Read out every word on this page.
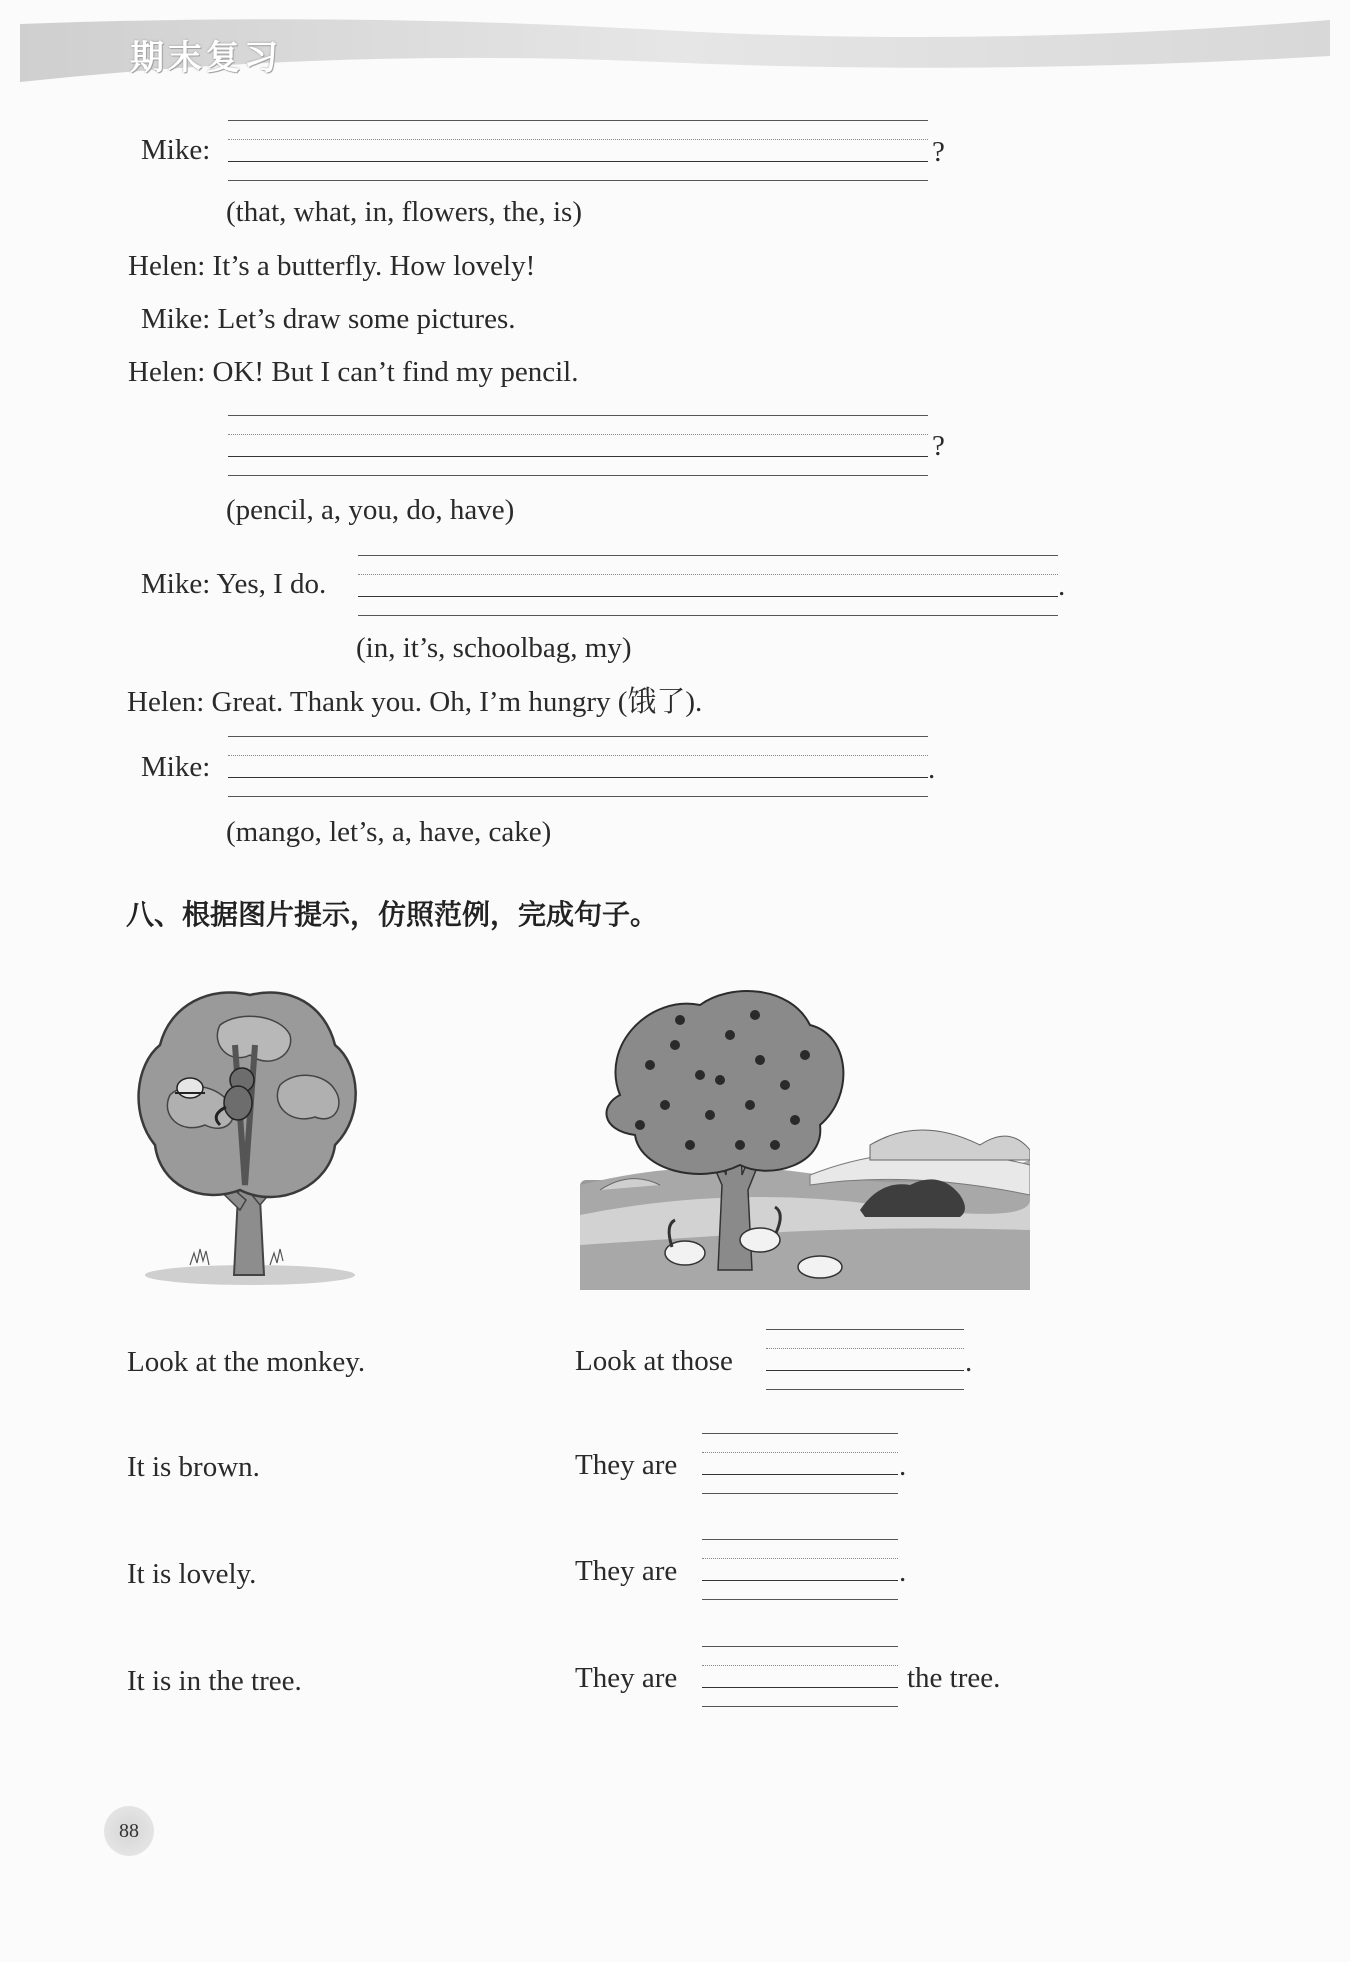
期末复习
Mike:	?
(that, what, in, flowers, the, is)
Helen: It’s a butterfly. How lovely!
Mike: Let’s draw some pictures.
Helen: OK! But I can’t find my pencil.
?
(pencil, a, you, do, have)
Mike: Yes, I do.	.
(in, it’s, schoolbag, my)
Helen: Great. Thank you. Oh, I’m hungry (饿了).
Mike:	.
(mango, let’s, a, have, cake)
八、根据图片提示，仿照范例，完成句子。
Look at the monkey.	Look at those	.
It is brown.	They are	.
It is lovely.	They are	.
It is in the tree.	They are	the tree.
88
